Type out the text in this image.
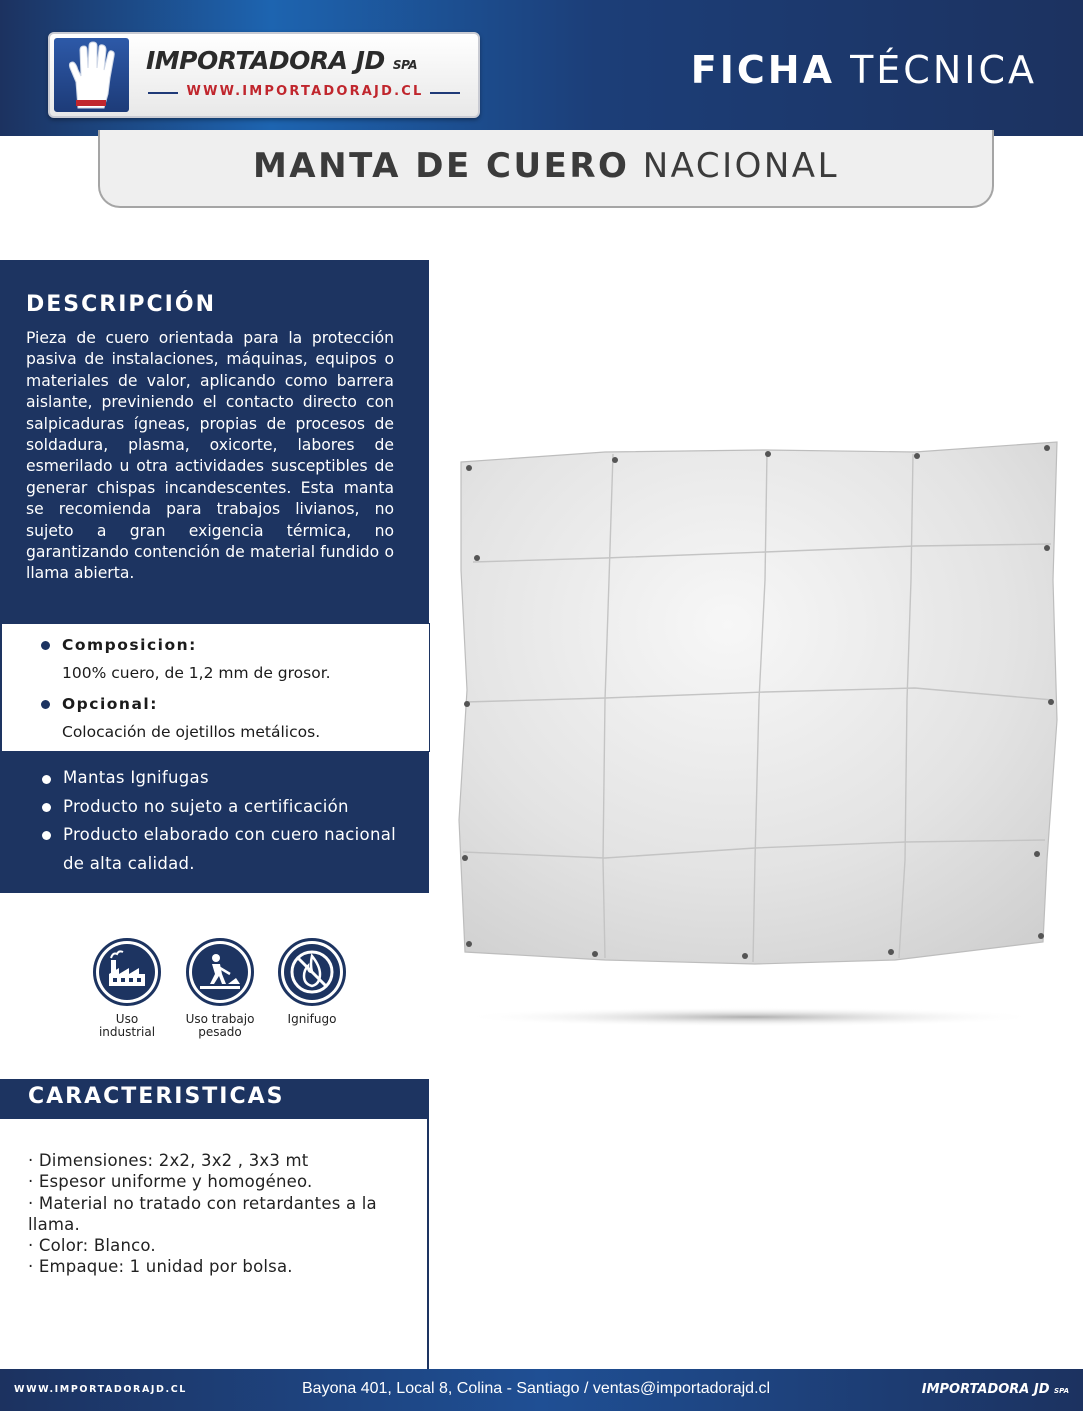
IMPORTADORA JD SPA
WWW.IMPORTADORAJD.CL	FICHA TÉCNICA
MANTA DE CUERO NACIONAL
DESCRIPCIÓN
Pieza de cuero orientada para la protección pasiva de instalaciones, máquinas, equipos o materiales de valor, aplicando como barrera aislante, previniendo el contacto directo con salpicaduras ígneas, propias de procesos de soldadura, plasma, oxicorte, labores de esmerilado u otra actividades susceptibles de generar chispas incandescentes. Esta manta se recomienda para trabajos livianos, no sujeto a gran exigencia térmica, no garantizando contención de material fundido o llama abierta.
Composicion:
100% cuero, de 1,2 mm de grosor.
Opcional:
Colocación de ojetillos metálicos.
Mantas Ignifugas
Producto no sujeto a certificación
Producto elaborado con cuero nacional
de alta calidad.
Uso
industrial
Uso trabajo
pesado
Ignifugo
CARACTERISTICAS
· Dimensiones: 2x2, 3x2 , 3x3 mt
· Espesor uniforme y homogéneo.
· Material no tratado con retardantes a la llama.
· Color: Blanco.
· Empaque: 1 unidad por bolsa.
WWW.IMPORTADORAJD.CL	Bayona 401, Local 8, Colina - Santiago / ventas@importadorajd.cl	IMPORTADORA JD SPA
